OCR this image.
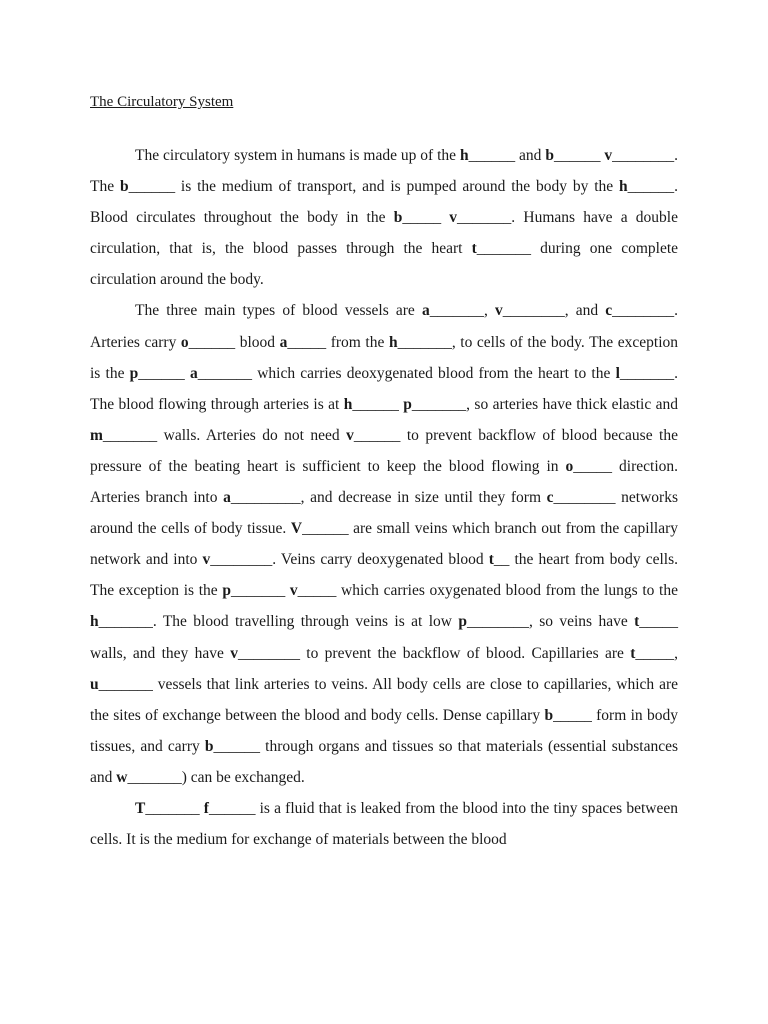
The Circulatory System

The circulatory system in humans is made up of the h______ and b______ v________. The b______ is the medium of transport, and is pumped around the body by the h______. Blood circulates throughout the body in the b_____ v_______. Humans have a double circulation, that is, the blood passes through the heart t_______ during one complete circulation around the body.

The three main types of blood vessels are a_______, v________, and c________. Arteries carry o______ blood a_____ from the h_______, to cells of the body. The exception is the p______ a_______ which carries deoxygenated blood from the heart to the l_______. The blood flowing through arteries is at h______ p_______, so arteries have thick elastic and m_______ walls. Arteries do not need v______ to prevent backflow of blood because the pressure of the beating heart is sufficient to keep the blood flowing in o_____ direction. Arteries branch into a_________, and decrease in size until they form c________ networks around the cells of body tissue. V______ are small veins which branch out from the capillary network and into v________. Veins carry deoxygenated blood t__ the heart from body cells. The exception is the p_______ v_____ which carries oxygenated blood from the lungs to the h_______. The blood travelling through veins is at low p________, so veins have t_____ walls, and they have v________ to prevent the backflow of blood. Capillaries are t_____, u_______ vessels that link arteries to veins. All body cells are close to capillaries, which are the sites of exchange between the blood and body cells. Dense capillary b_____ form in body tissues, and carry b______ through organs and tissues so that materials (essential substances and w_______) can be exchanged.

T_______ f______ is a fluid that is leaked from the blood into the tiny spaces between cells. It is the medium for exchange of materials between the blood
